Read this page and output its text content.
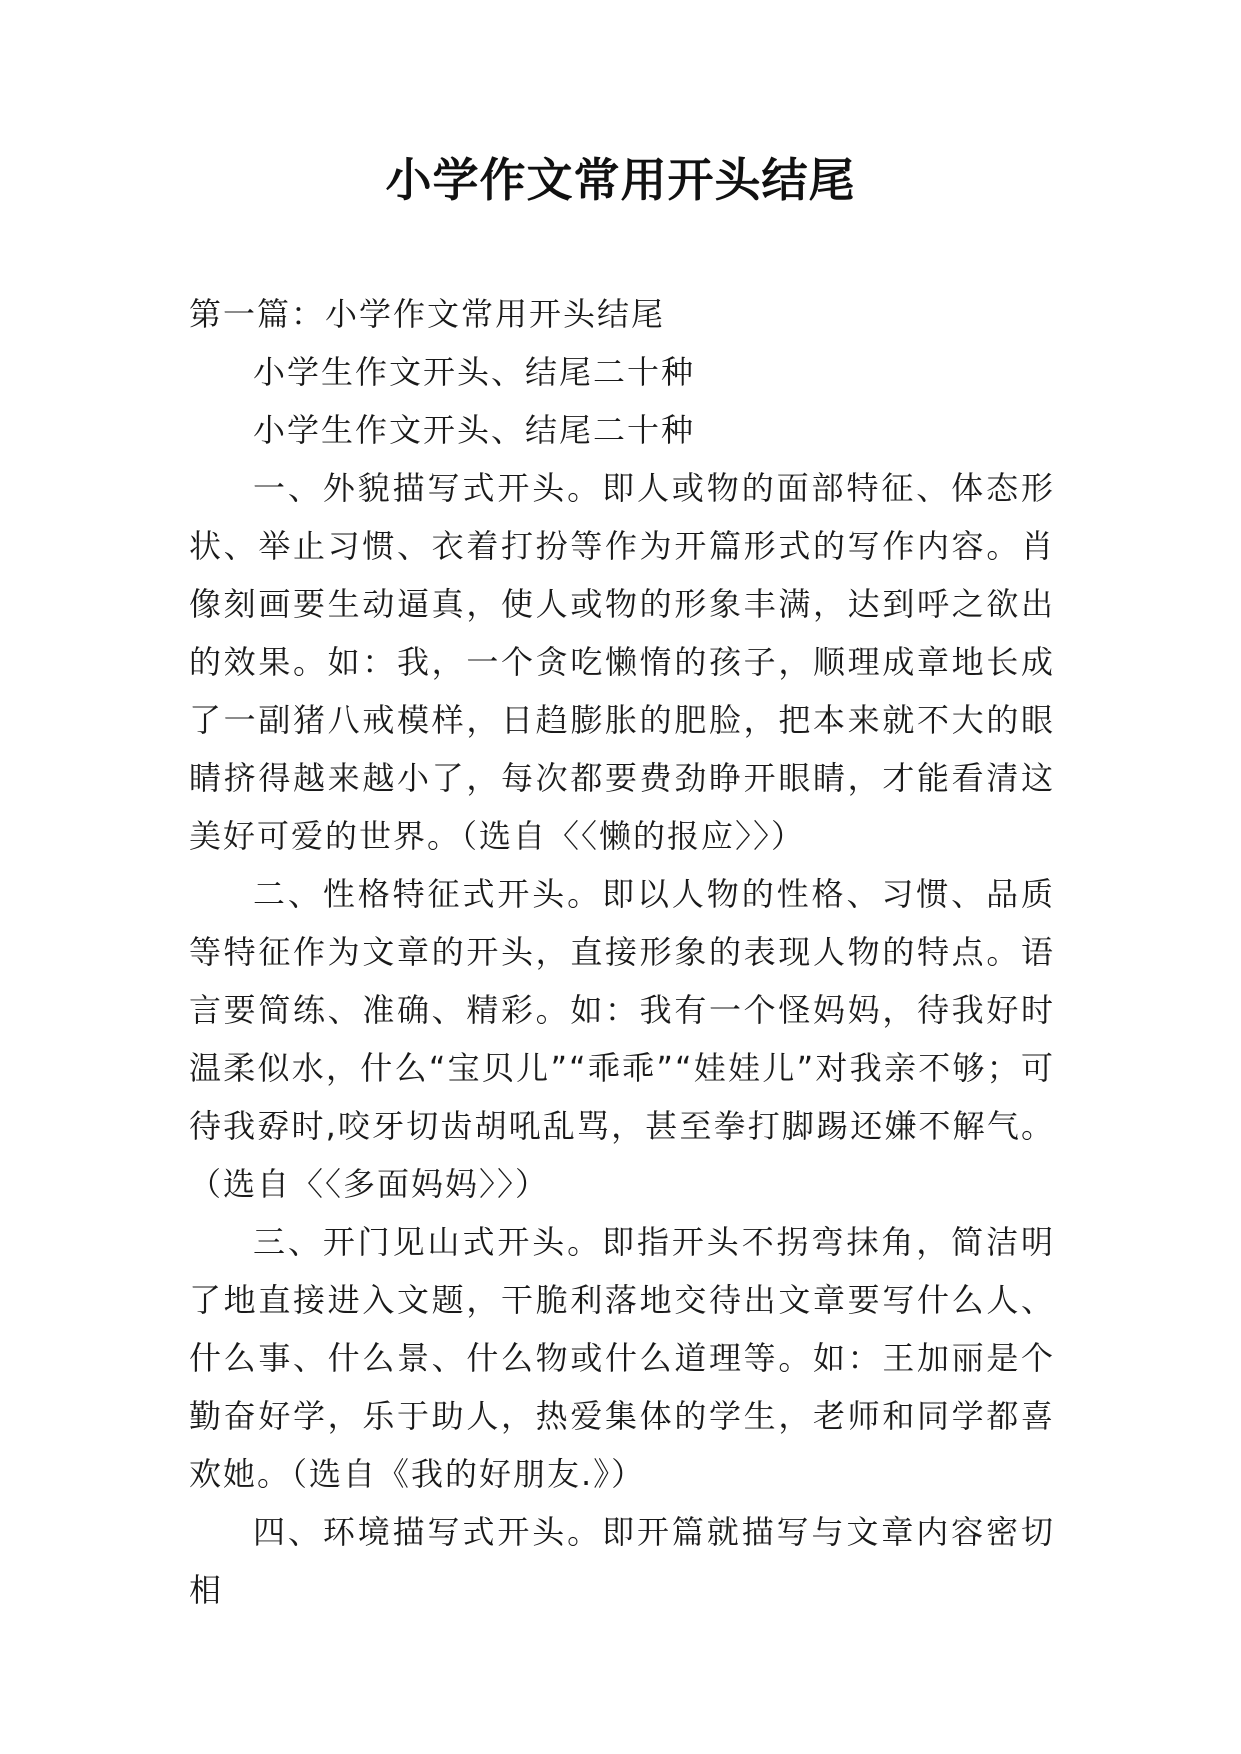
小学作文常用开头结尾

第一篇：小学作文常用开头结尾

小学生作文开头、结尾二十种

小学生作文开头、结尾二十种

一、外貌描写式开头。即人或物的面部特征、体态形状、举止习惯、衣着打扮等作为开篇形式的写作内容。肖像刻画要生动逼真，使人或物的形象丰满，达到呼之欲出的效果。如：我，一个贪吃懒惰的孩子，顺理成章地长成了一副猪八戒模样，日趋膨胀的肥脸，把本来就不大的眼睛挤得越来越小了，每次都要费劲睁开眼睛，才能看清这美好可爱的世界。（选自〈〈懒的报应〉〉）

二、性格特征式开头。即以人物的性格、习惯、品质等特征作为文章的开头，直接形象的表现人物的特点。语言要简练、准确、精彩。如：我有一个怪妈妈，待我好时温柔似水，什么“宝贝儿”“乖乖”“娃娃儿”对我亲不够；可待我孬时,咬牙切齿胡吼乱骂，甚至拳打脚踢还嫌不解气。（选自〈〈多面妈妈〉〉）

三、开门见山式开头。即指开头不拐弯抹角，简洁明了地直接进入文题，干脆利落地交待出文章要写什么人、什么事、什么景、什么物或什么道理等。如：王加丽是个勤奋好学，乐于助人，热爱集体的学生，老师和同学都喜欢她。（选自《我的好朋友.》）

四、环境描写式开头。即开篇就描写与文章内容密切相
